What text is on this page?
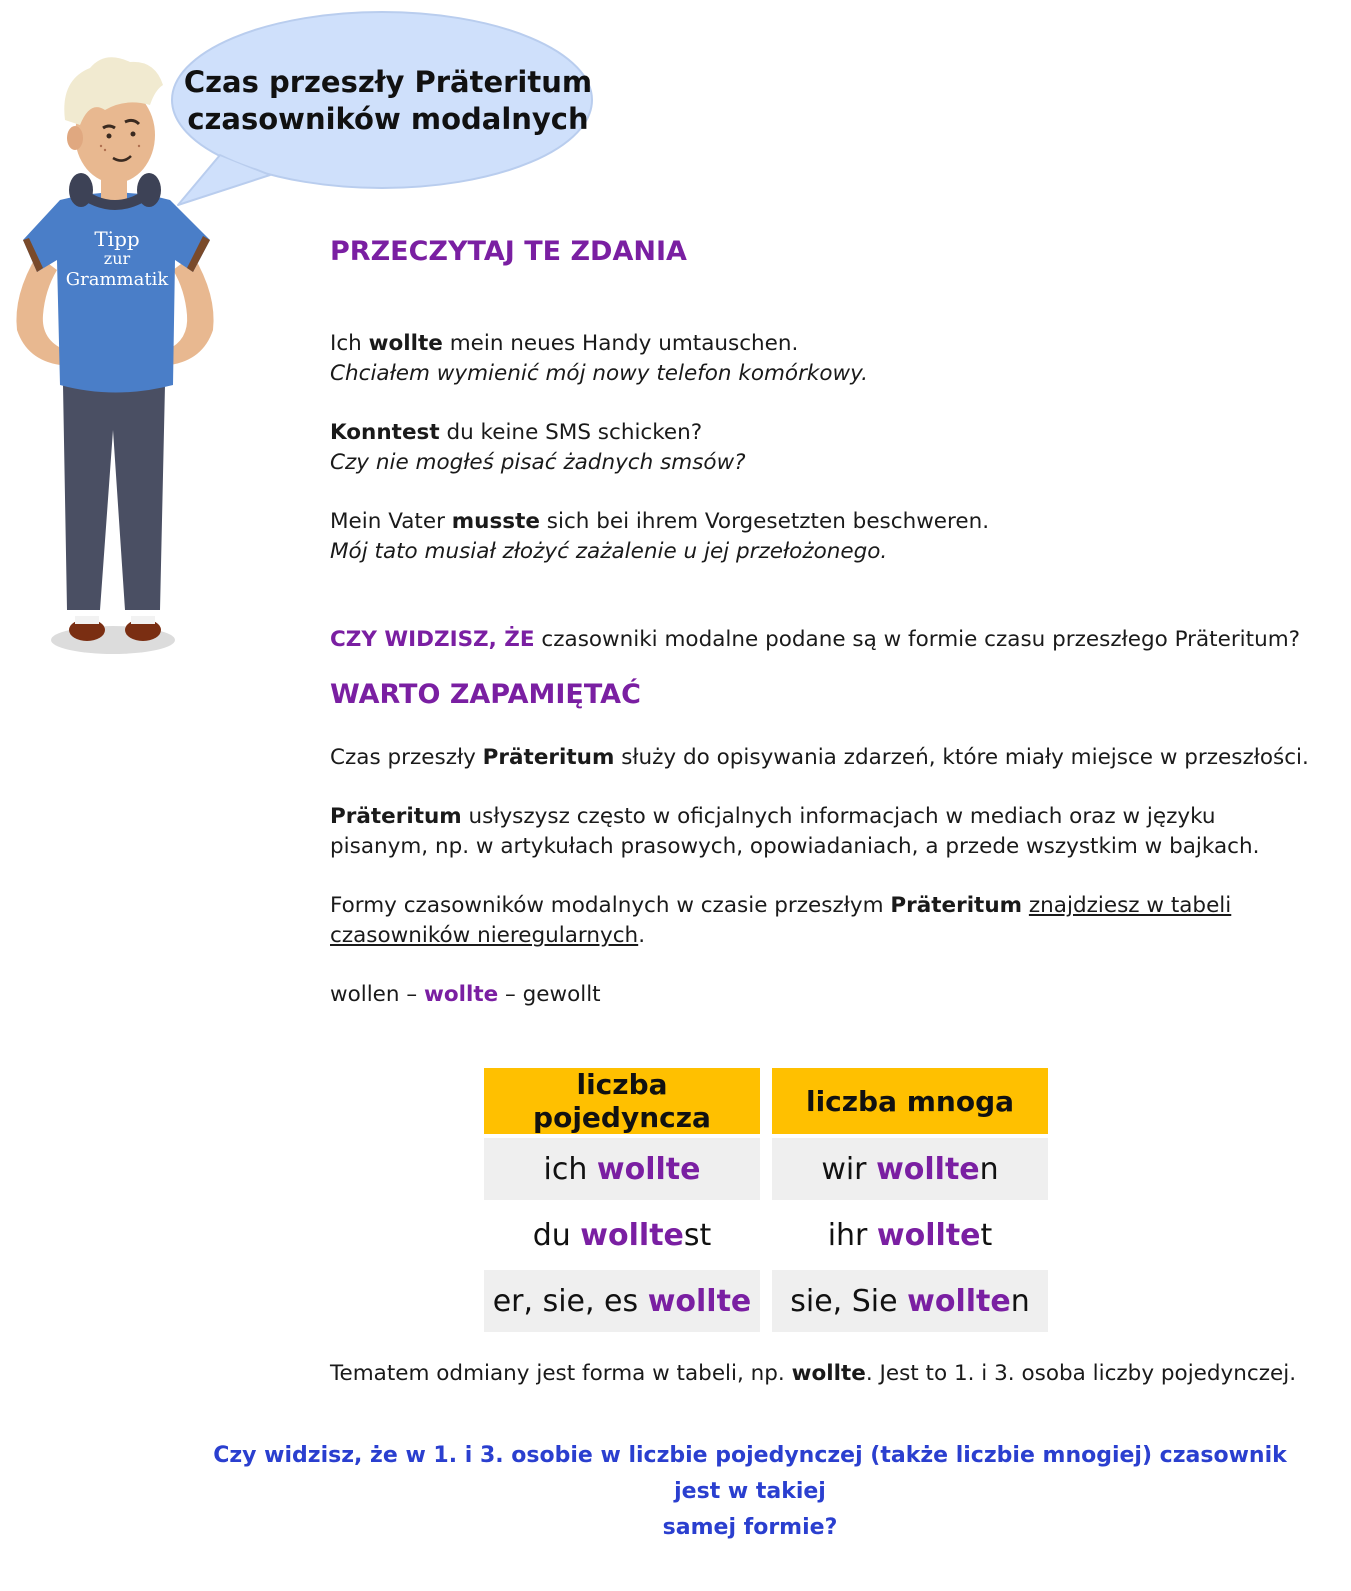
Czas przeszły Präteritum
czasowników modalnych
Tipp
zur
Grammatik
PRZECZYTAJ TE ZDANIA
Ich wollte mein neues Handy umtauschen.
Chciałem wymienić mój nowy telefon komórkowy.
Konntest du keine SMS schicken?
Czy nie mogłeś pisać żadnych smsów?
Mein Vater musste sich bei ihrem Vorgesetzten beschweren.
Mój tato musiał złożyć zażalenie u jej przełożonego.
CZY WIDZISZ, ŻE czasowniki modalne podane są w formie czasu przeszłego Präteritum?
WARTO ZAPAMIĘTAĆ
Czas przeszły Präteritum służy do opisywania zdarzeń, które miały miejsce w przeszłości.
Präteritum usłyszysz często w oficjalnych informacjach w mediach oraz w języku
pisanym, np. w artykułach prasowych, opowiadaniach, a przede wszystkim w bajkach.
Formy czasowników modalnych w czasie przeszłym Präteritum znajdziesz w tabeli
czasowników nieregularnych.
wollen – wollte – gewollt
liczba pojedyncza	liczba mnoga
ich wollte	wir wollten
du wolltest	ihr wolltet
er, sie, es wollte	sie, Sie wollten
Tematem odmiany jest forma w tabeli, np. wollte. Jest to 1. i 3. osoba liczby pojedynczej.
Czy widzisz, że w 1. i 3. osobie w liczbie pojedynczej (także liczbie mnogiej) czasownik jest w takiej
samej formie?
